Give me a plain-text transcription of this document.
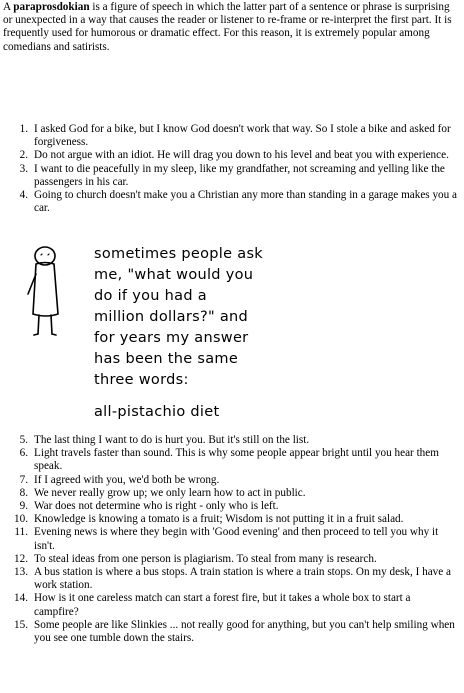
A paraprosdokian is a figure of speech in which the latter part of a sentence or phrase is surprising or unexpected in a way that causes the reader or listener to re-frame or re-interpret the first part. It is frequently used for humorous or dramatic effect. For this reason, it is extremely popular among comedians and satirists.

1. I asked God for a bike, but I know God doesn't work that way. So I stole a bike and asked for forgiveness.
2. Do not argue with an idiot. He will drag you down to his level and beat you with experience.
3. I want to die peacefully in my sleep, like my grandfather, not screaming and yelling like the passengers in his car.
4. Going to church doesn't make you a Christian any more than standing in a garage makes you a car.
sometimes people ask
me, "what would you
do if you had a
million dollars?" and
for years my answer
has been the same
three words:
all-pistachio diet
5. The last thing I want to do is hurt you. But it's still on the list.
6. Light travels faster than sound. This is why some people appear bright until you hear them speak.
7. If I agreed with you, we'd both be wrong.
8. We never really grow up; we only learn how to act in public.
9. War does not determine who is right - only who is left.
10. Knowledge is knowing a tomato is a fruit; Wisdom is not putting it in a fruit salad.
11. Evening news is where they begin with 'Good evening' and then proceed to tell you why it isn't.
12. To steal ideas from one person is plagiarism. To steal from many is research.
13. A bus station is where a bus stops. A train station is where a train stops. On my desk, I have a work station.
14. How is it one careless match can start a forest fire, but it takes a whole box to start a campfire?
15. Some people are like Slinkies ... not really good for anything, but you can't help smiling when you see one tumble down the stairs.
